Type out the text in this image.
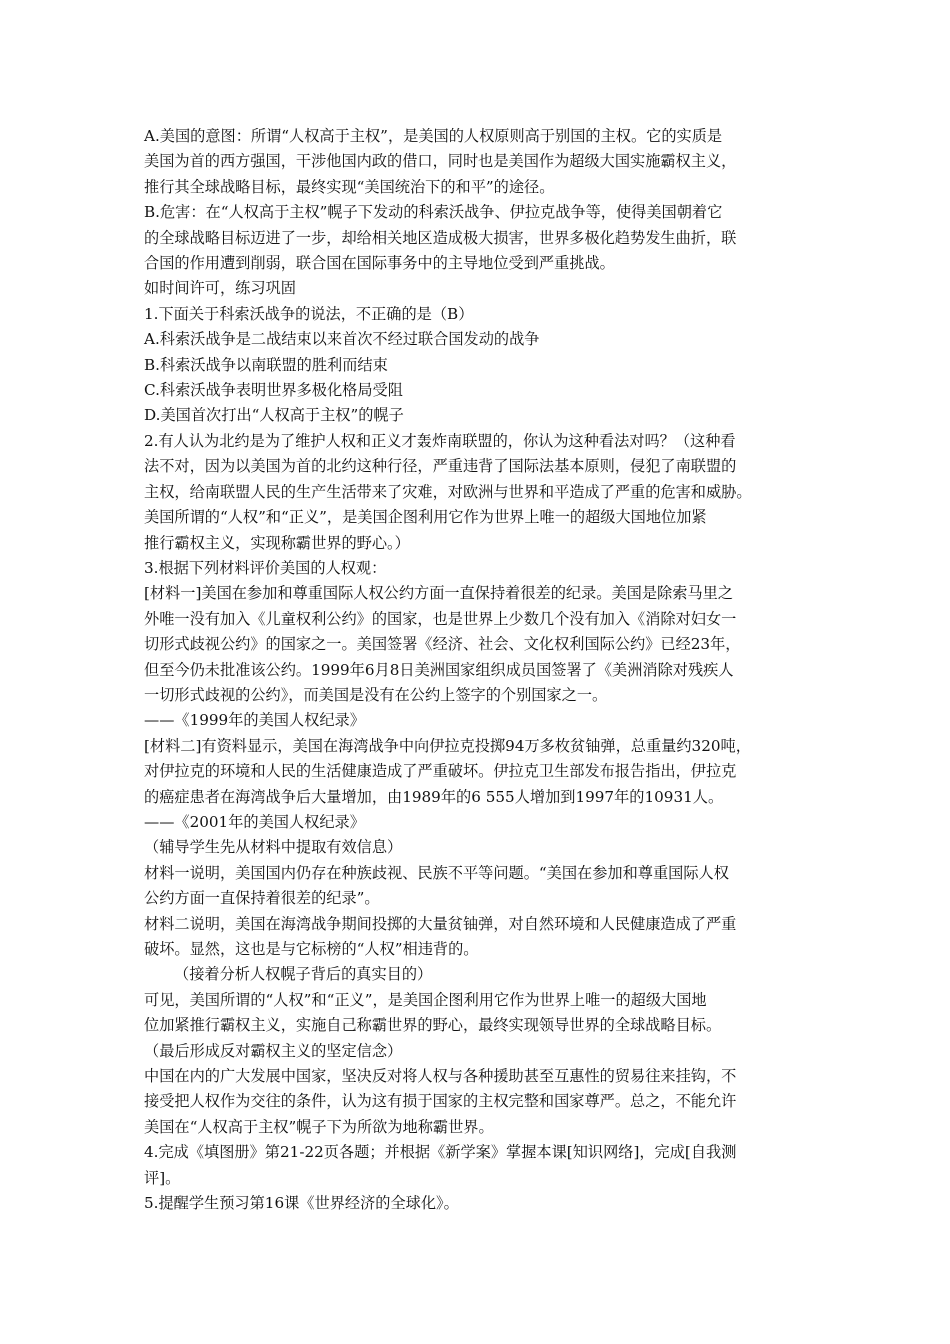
A.美国的意图：所谓“人权高于主权”，是美国的人权原则高于别国的主权。它的实质是

美国为首的西方强国，干涉他国内政的借口，同时也是美国作为超级大国实施霸权主义，

推行其全球战略目标，最终实现“美国统治下的和平”的途径。

B.危害：在“人权高于主权”幌子下发动的科索沃战争、伊拉克战争等，使得美国朝着它

的全球战略目标迈进了一步，却给相关地区造成极大损害，世界多极化趋势发生曲折，联

合国的作用遭到削弱，联合国在国际事务中的主导地位受到严重挑战。

如时间许可，练习巩固

1.下面关于科索沃战争的说法，不正确的是（B）

A.科索沃战争是二战结束以来首次不经过联合国发动的战争

B.科索沃战争以南联盟的胜利而结束

C.科索沃战争表明世界多极化格局受阻

D.美国首次打出“人权高于主权”的幌子

2.有人认为北约是为了维护人权和正义才轰炸南联盟的，你认为这种看法对吗？（这种看

法不对，因为以美国为首的北约这种行径，严重违背了国际法基本原则，侵犯了南联盟的

主权，给南联盟人民的生产生活带来了灾难，对欧洲与世界和平造成了严重的危害和威胁。

美国所谓的“人权”和“正义”，是美国企图利用它作为世界上唯一的超级大国地位加紧

推行霸权主义，实现称霸世界的野心。）

3.根据下列材料评价美国的人权观：

[材料一]美国在参加和尊重国际人权公约方面一直保持着很差的纪录。美国是除索马里之

外唯一没有加入《儿童权利公约》的国家，也是世界上少数几个没有加入《消除对妇女一

切形式歧视公约》的国家之一。美国签署《经济、社会、文化权利国际公约》已经23年，

但至今仍未批准该公约。1999年6月8日美洲国家组织成员国签署了《美洲消除对残疾人

一切形式歧视的公约》，而美国是没有在公约上签字的个别国家之一。

——《1999年的美国人权纪录》

[材料二]有资料显示，美国在海湾战争中向伊拉克投掷94万多枚贫铀弹，总重量约320吨，

对伊拉克的环境和人民的生活健康造成了严重破坏。伊拉克卫生部发布报告指出，伊拉克

的癌症患者在海湾战争后大量增加，由1989年的6 555人增加到1997年的10931人。

——《2001年的美国人权纪录》

（辅导学生先从材料中提取有效信息）

材料一说明，美国国内仍存在种族歧视、民族不平等问题。“美国在参加和尊重国际人权

公约方面一直保持着很差的纪录”。

材料二说明，美国在海湾战争期间投掷的大量贫铀弹，对自然环境和人民健康造成了严重

破坏。显然，这也是与它标榜的“人权”相违背的。

（接着分析人权幌子背后的真实目的）

可见，美国所谓的“人权”和“正义”，是美国企图利用它作为世界上唯一的超级大国地

位加紧推行霸权主义，实施自己称霸世界的野心，最终实现领导世界的全球战略目标。

（最后形成反对霸权主义的坚定信念）

中国在内的广大发展中国家，坚决反对将人权与各种援助甚至互惠性的贸易往来挂钩，不

接受把人权作为交往的条件，认为这有损于国家的主权完整和国家尊严。总之，不能允许

美国在“人权高于主权”幌子下为所欲为地称霸世界。

4.完成《填图册》第21-22页各题；并根据《新学案》掌握本课[知识网络]，完成[自我测

评]。

5.提醒学生预习第16课《世界经济的全球化》。
